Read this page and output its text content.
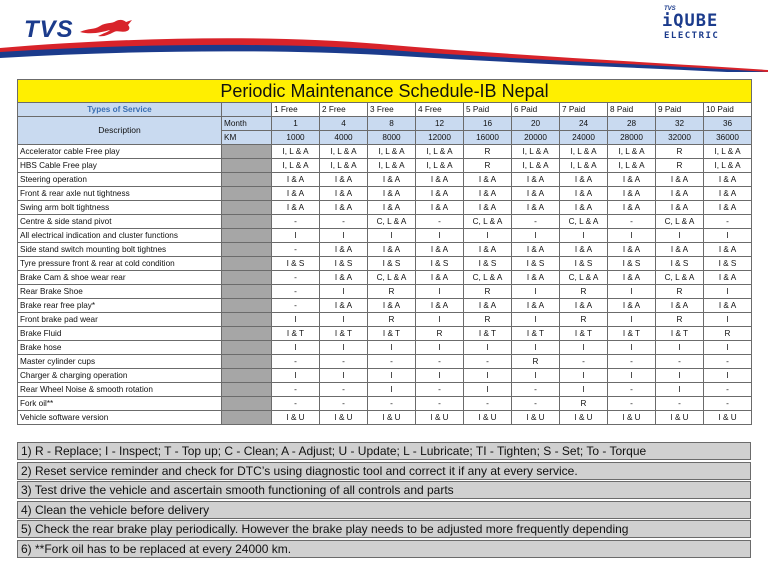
TVS
TVS
iQUBE
ELECTRIC
Periodic Maintenance Schedule-IB Nepal											
Types of Service		1 Free	2 Free	3 Free	4 Free	5 Paid	6 Paid	7 Paid	8 Paid	9 Paid	10 Paid
Description	Month	1	4	8	12	16	20	24	28	32	36
	KM	1000	4000	8000	12000	16000	20000	24000	28000	32000	36000
Accelerator cable Free play		I, L & A	I, L & A	I, L & A	I, L & A	R	I, L & A	I, L & A	I, L & A	R	I, L & A
HBS Cable Free play		I, L & A	I, L & A	I, L & A	I, L & A	R	I, L & A	I, L & A	I, L & A	R	I, L & A
Steering operation		I & A	I & A	I & A	I & A	I & A	I & A	I & A	I & A	I & A	I & A
Front & rear axle nut tightness		I & A	I & A	I & A	I & A	I & A	I & A	I & A	I & A	I & A	I & A
Swing arm bolt tightness		I & A	I & A	I & A	I & A	I & A	I & A	I & A	I & A	I & A	I & A
Centre & side stand pivot		-	-	C, L & A	-	C, L & A	-	C, L & A	-	C, L & A	-
All electrical indication and cluster functions		I	I	I	I	I	I	I	I	I	I
Side stand switch mounting bolt tightnes		-	I & A	I & A	I & A	I & A	I & A	I & A	I & A	I & A	I & A
Tyre pressure front & rear at cold condition		I & S	I & S	I & S	I & S	I & S	I & S	I & S	I & S	I & S	I & S
Brake Cam & shoe wear rear		-	I & A	C, L & A	I & A	C, L & A	I & A	C, L & A	I & A	C, L & A	I & A
Rear Brake Shoe		-	I	R	I	R	I	R	I	R	I
Brake rear free play*		-	I & A	I & A	I & A	I & A	I & A	I & A	I & A	I & A	I & A
Front brake pad wear		I	I	R	I	R	I	R	I	R	I
Brake Fluid		I & T	I & T	I & T	R	I & T	I & T	I & T	I & T	I & T	R
Brake hose		I	I	I	I	I	I	I	I	I	I
Master cylinder cups		-	-	-	-	-	R	-	-	-	-
Charger & charging operation		I	I	I	I	I	I	I	I	I	I
Rear Wheel Noise & smooth rotation		-	-	I	-	I	-	I	-	I	-
Fork oil**		-	-	-	-	-	-	R	-	-	-
Vehicle software version		I & U	I & U	I & U	I & U	I & U	I & U	I & U	I & U	I & U	I & U
1) R - Replace; I - Inspect; T - Top up; C - Clean; A - Adjust; U - Update; L - Lubricate; TI - Tighten; S - Set; To - Torque
2) Reset service reminder and check for DTC’s using diagnostic tool and correct it if any at every service.
3) Test drive the vehicle and ascertain smooth functioning of all controls and parts
4) Clean the vehicle before delivery
5) Check the rear brake play periodically. However the brake play needs to be adjusted more frequently depending
6) **Fork oil has to be replaced at every 24000 km.
